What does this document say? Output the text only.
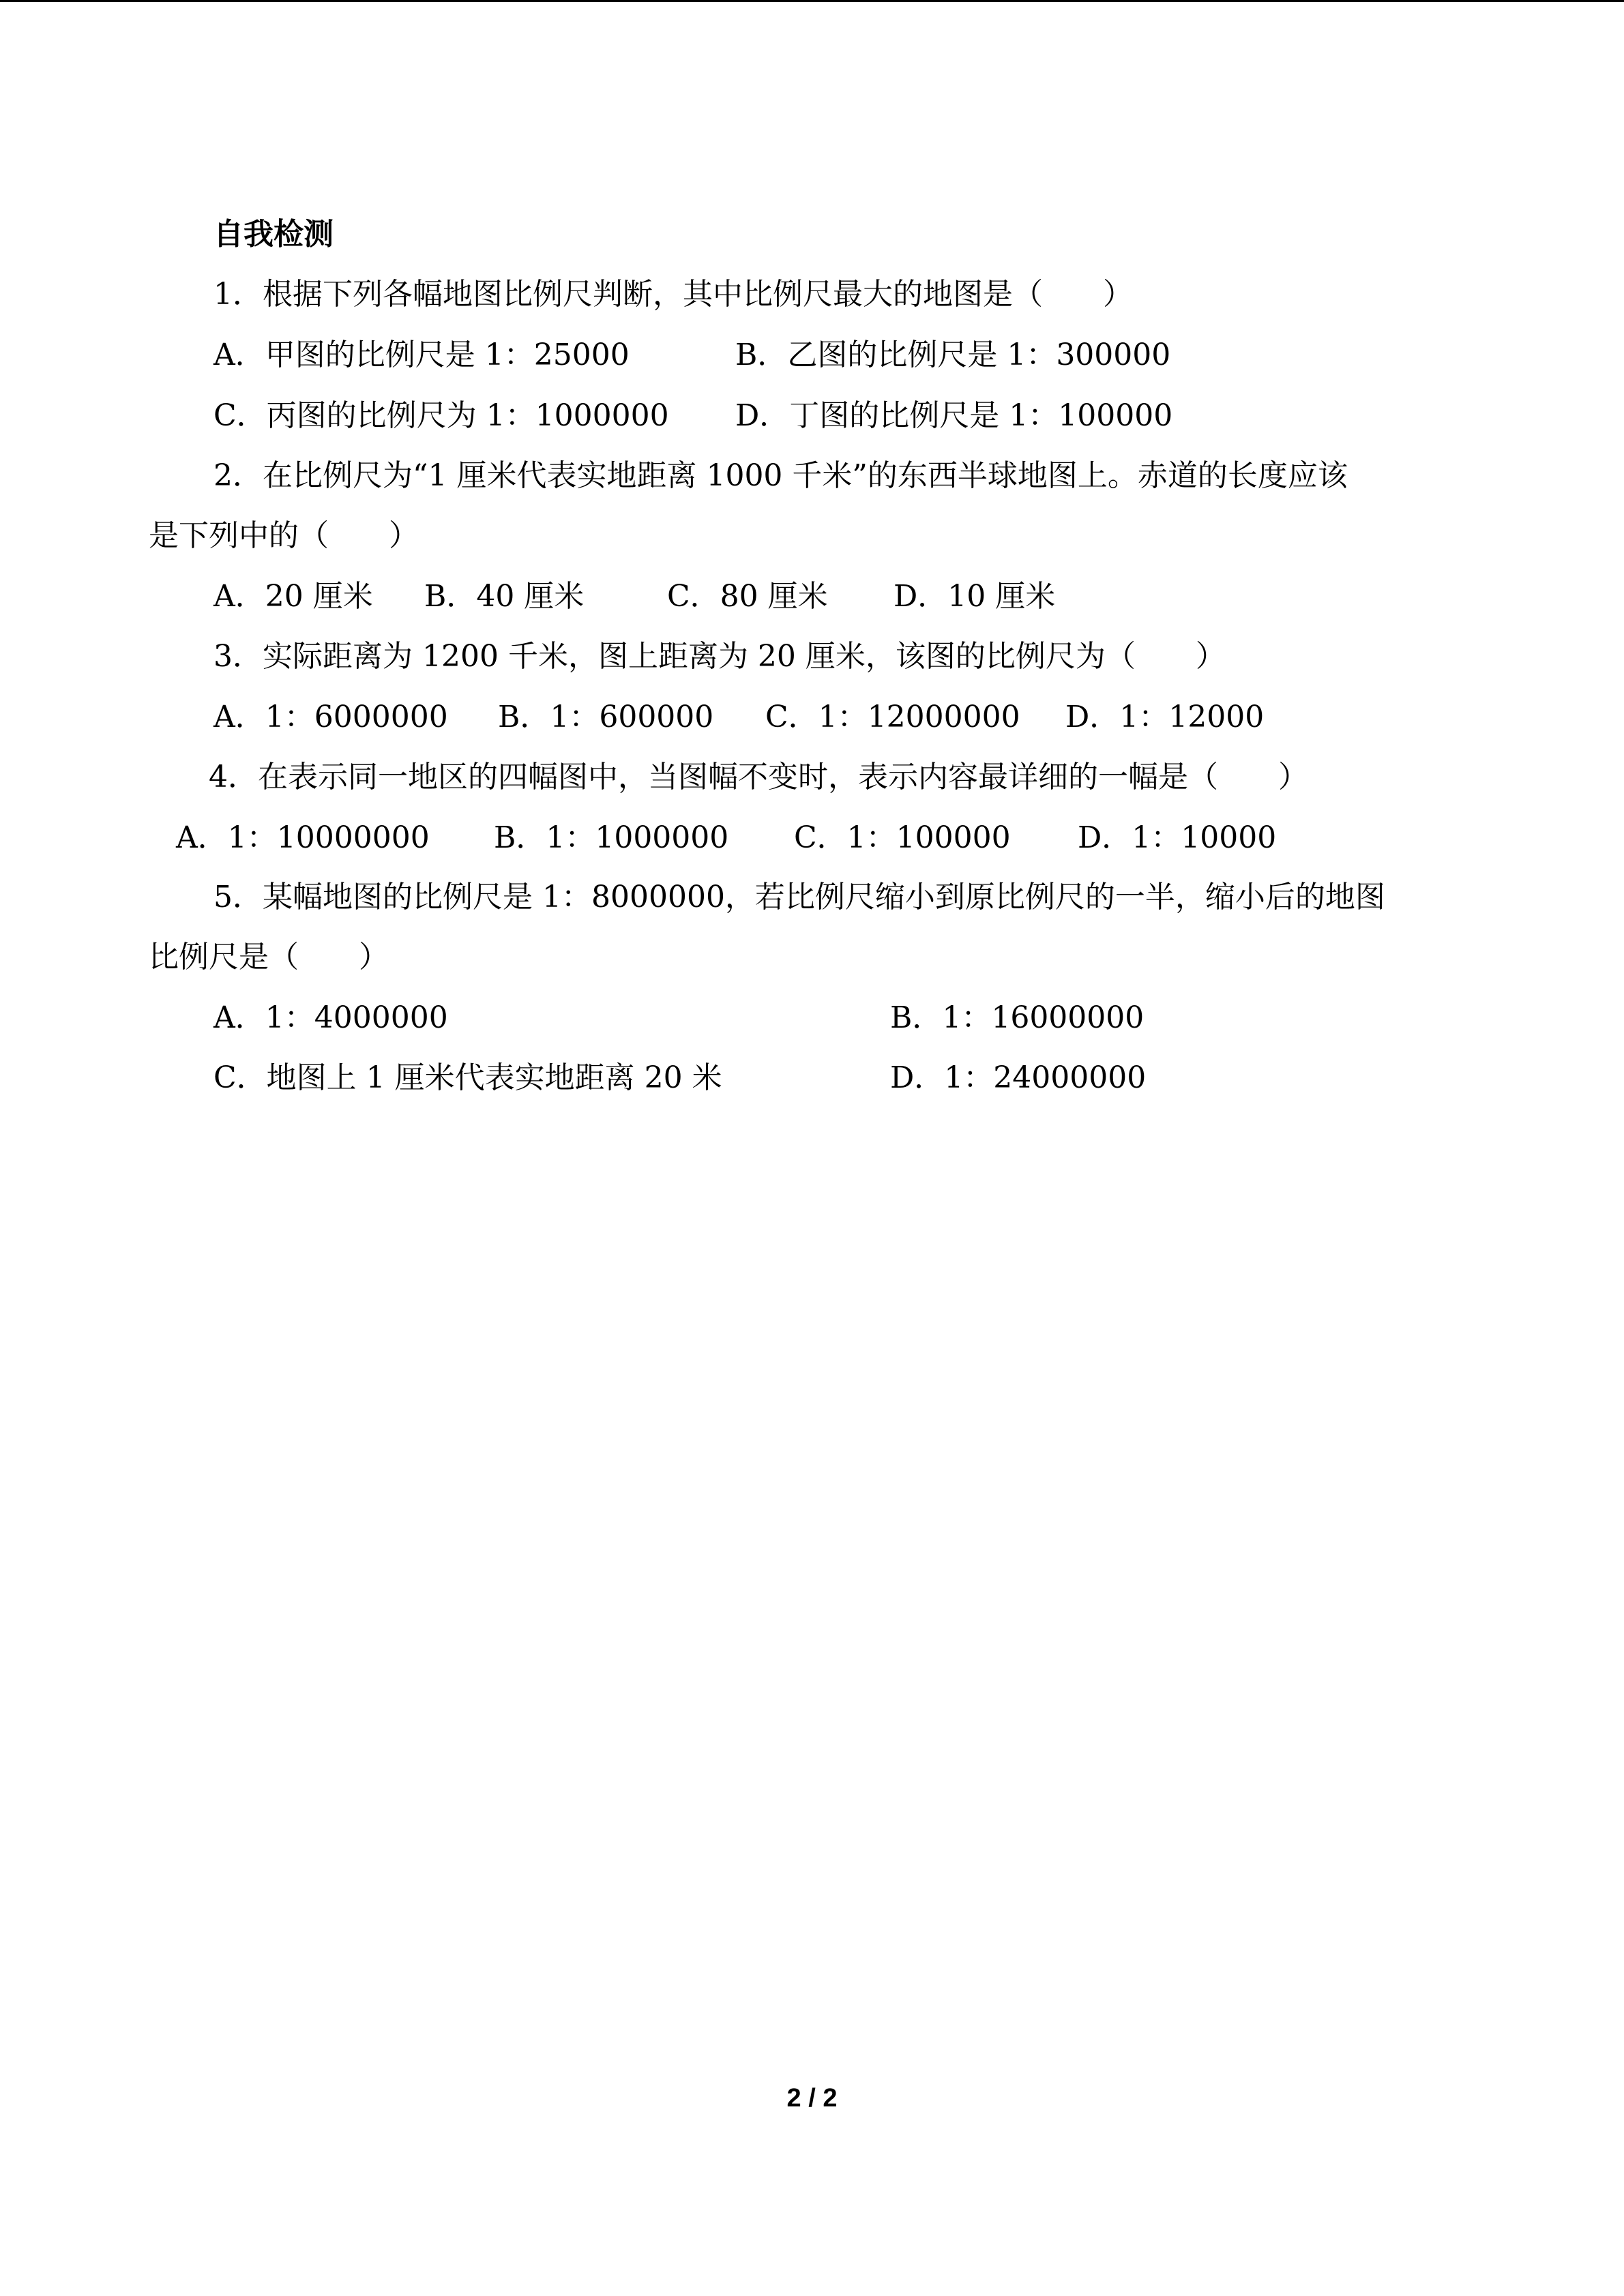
自我检测
1．根据下列各幅地图比例尺判断，其中比例尺最大的地图是（　　）
A．甲图的比例尺是 1：25000	B．乙图的比例尺是 1：300000
C．丙图的比例尺为 1：1000000 D．丁图的比例尺是 1：100000
2．在比例尺为“1 厘米代表实地距离 1000 千米”的东西半球地图上。赤道的长度应该
是下列中的（　　）
A．20 厘米 B．40 厘米	C．80 厘米 D．10 厘米
3．实际距离为 1200 千米，图上距离为 20 厘米，该图的比例尺为（　　）
A．1：6000000 B．1：600000 C．1：12000000 D．1：12000
4．在表示同一地区的四幅图中，当图幅不变时，表示内容最详细的一幅是（　　）
A．1：10000000 B．1：1000000 C．1：100000 D．1：10000
5．某幅地图的比例尺是 1：8000000，若比例尺缩小到原比例尺的一半，缩小后的地图
比例尺是（　　）
A．1：4000000	B．1：16000000
C．地图上 1 厘米代表实地距离 20 米	D．1：24000000
2 / 2
